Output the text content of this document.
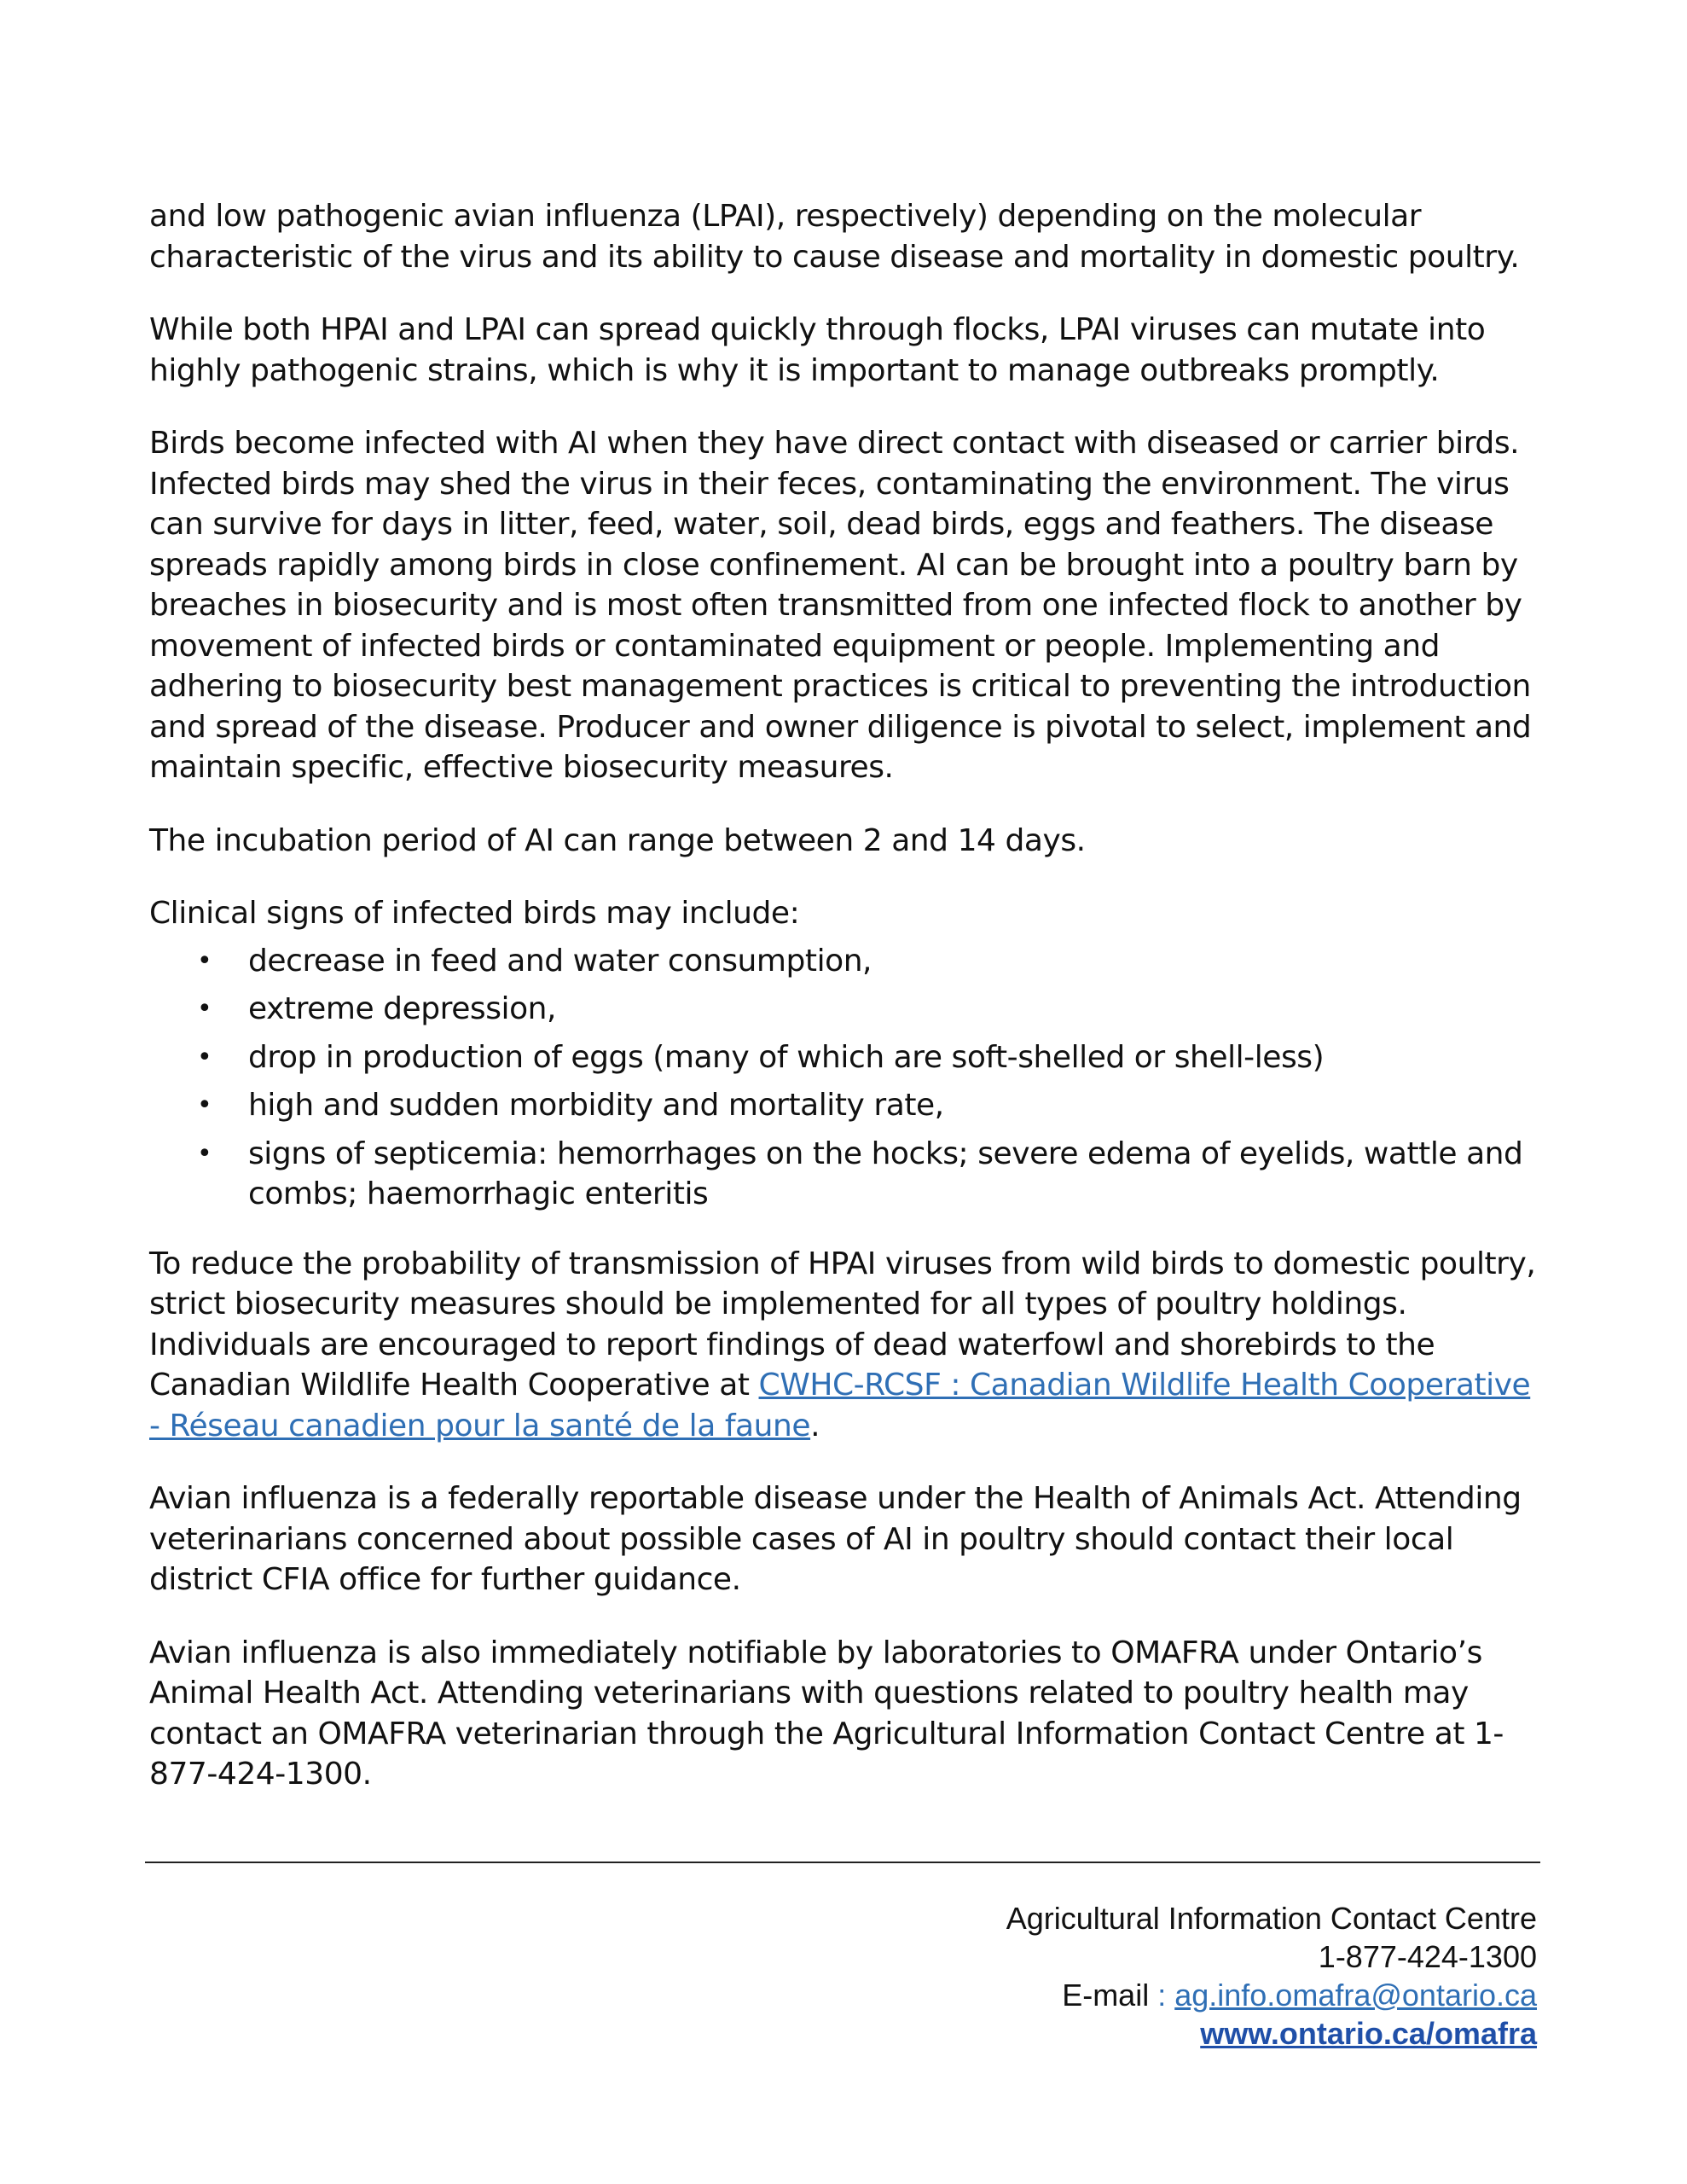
and low pathogenic avian influenza (LPAI), respectively) depending on the molecular characteristic of the virus and its ability to cause disease and mortality in domestic poultry.

While both HPAI and LPAI can spread quickly through flocks, LPAI viruses can mutate into highly pathogenic strains, which is why it is important to manage outbreaks promptly.

Birds become infected with AI when they have direct contact with diseased or carrier birds. Infected birds may shed the virus in their feces, contaminating the environment. The virus can survive for days in litter, feed, water, soil, dead birds, eggs and feathers. The disease spreads rapidly among birds in close confinement. AI can be brought into a poultry barn by breaches in biosecurity and is most often transmitted from one infected flock to another by movement of infected birds or contaminated equipment or people. Implementing and adhering to biosecurity best management practices is critical to preventing the introduction and spread of the disease. Producer and owner diligence is pivotal to select, implement and maintain specific, effective biosecurity measures.

The incubation period of AI can range between 2 and 14 days.

Clinical signs of infected birds may include:

• decrease in feed and water consumption,
• extreme depression,
• drop in production of eggs (many of which are soft-shelled or shell-less)
• high and sudden morbidity and mortality rate,
• signs of septicemia: hemorrhages on the hocks; severe edema of eyelids, wattle and combs; haemorrhagic enteritis

To reduce the probability of transmission of HPAI viruses from wild birds to domestic poultry, strict biosecurity measures should be implemented for all types of poultry holdings. Individuals are encouraged to report findings of dead waterfowl and shorebirds to the Canadian Wildlife Health Cooperative at CWHC-RCSF : Canadian Wildlife Health Cooperative - Réseau canadien pour la santé de la faune.

Avian influenza is a federally reportable disease under the Health of Animals Act. Attending veterinarians concerned about possible cases of AI in poultry should contact their local district CFIA office for further guidance.

Avian influenza is also immediately notifiable by laboratories to OMAFRA under Ontario’s Animal Health Act. Attending veterinarians with questions related to poultry health may contact an OMAFRA veterinarian through the Agricultural Information Contact Centre at 1-877-424-1300.

Agricultural Information Contact Centre
1-877-424-1300
E-mail : ag.info.omafra@ontario.ca
www.ontario.ca/omafra
